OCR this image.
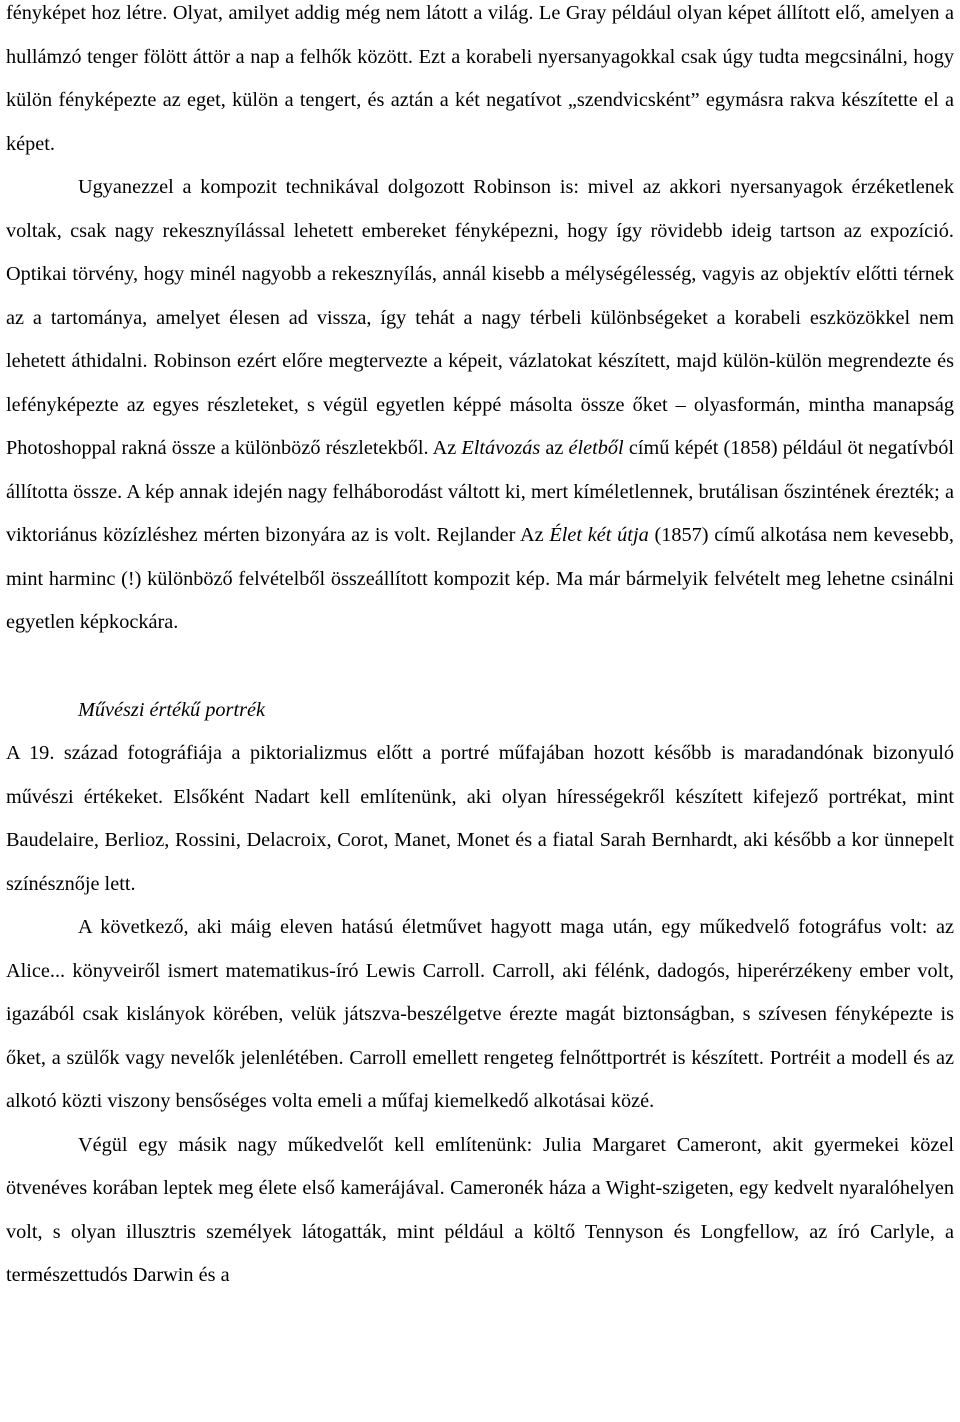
fényképet hoz létre. Olyat, amilyet addig még nem látott a világ. Le Gray például olyan képet állított elő, amelyen a hullámzó tenger fölött áttör a nap a felhők között. Ezt a korabeli nyersanyagokkal csak úgy tudta megcsinálni, hogy külön fényképezte az eget, külön a tengert, és aztán a két negatívot „szendvicsként” egymásra rakva készítette el a képet.

Ugyanezzel a kompozit technikával dolgozott Robinson is: mivel az akkori nyersanyagok érzéketlenek voltak, csak nagy rekesznyílással lehetett embereket fényképezni, hogy így rövidebb ideig tartson az expozíció. Optikai törvény, hogy minél nagyobb a rekesznyílás, annál kisebb a mélységélesség, vagyis az objektív előtti térnek az a tartománya, amelyet élesen ad vissza, így tehát a nagy térbeli különbségeket a korabeli eszközökkel nem lehetett áthidalni. Robinson ezért előre megtervezte a képeit, vázlatokat készített, majd külön-külön megrendezte és lefényképezte az egyes részleteket, s végül egyetlen képpé másolta össze őket – olyasformán, mintha manapság Photoshoppal rakná össze a különböző részletekből. Az Eltávozás az életből című képét (1858) például öt negatívból állította össze. A kép annak idején nagy felháborodást váltott ki, mert kíméletlennek, brutálisan őszintének érezték; a viktoriánus közízléshez mérten bizonyára az is volt. Rejlander Az Élet két útja (1857) című alkotása nem kevesebb, mint harminc (!) különböző felvételből összeállított kompozit kép. Ma már bármelyik felvételt meg lehetne csinálni egyetlen képkockára.

Művészi értékű portrék

A 19. század fotográfiája a piktorializmus előtt a portré műfajában hozott később is maradandónak bizonyuló művészi értékeket. Elsőként Nadart kell említenünk, aki olyan hírességekről készített kifejező portrékat, mint Baudelaire, Berlioz, Rossini, Delacroix, Corot, Manet, Monet és a fiatal Sarah Bernhardt, aki később a kor ünnepelt színésznője lett.

A következő, aki máig eleven hatású életművet hagyott maga után, egy műkedvelő fotográfus volt: az Alice... könyveiről ismert matematikus-író Lewis Carroll. Carroll, aki félénk, dadogós, hiperérzékeny ember volt, igazából csak kislányok körében, velük játszva-beszélgetve érezte magát biztonságban, s szívesen fényképezte is őket, a szülők vagy nevelők jelenlétében. Carroll emellett rengeteg felnőttportrét is készített. Portréit a modell és az alkotó közti viszony bensőséges volta emeli a műfaj kiemelkedő alkotásai közé.

Végül egy másik nagy műkedvelőt kell említenünk: Julia Margaret Cameront, akit gyermekei közel ötvenéves korában leptek meg élete első kamerájával. Cameronék háza a Wight-szigeten, egy kedvelt nyaralóhelyen volt, s olyan illusztris személyek látogatták, mint például a költő Tennyson és Longfellow, az író Carlyle, a természettudós Darwin és a
